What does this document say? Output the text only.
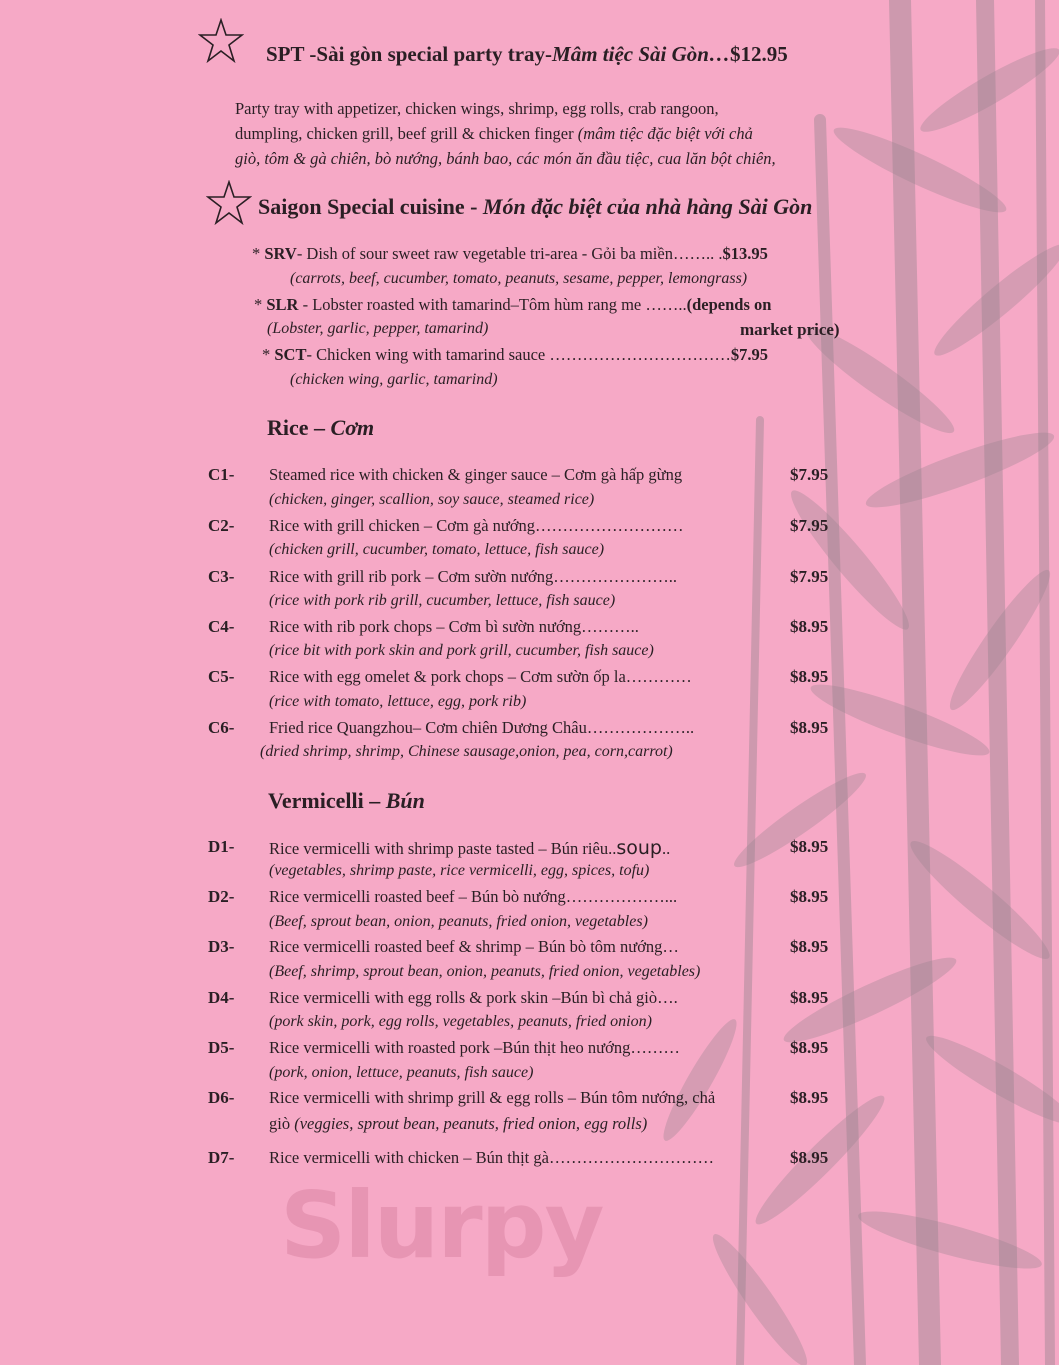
Slurpy
SPT -Sài gòn special party tray-Mâm tiệc Sài Gòn…$12.95
Party tray with appetizer, chicken wings, shrimp, egg rolls, crab rangoon,
dumpling, chicken grill, beef grill & chicken finger (mâm tiệc đặc biệt với chả
giò, tôm & gà chiên, bò nướng, bánh bao, các món ăn đầu tiệc, cua lăn bột chiên,
Saigon Special cuisine - Món đặc biệt của nhà hàng Sài Gòn
* SRV- Dish of sour sweet raw vegetable tri-area - Gỏi ba miền…….. .$13.95
(carrots, beef, cucumber, tomato, peanuts, sesame, pepper, lemongrass)
* SLR - Lobster roasted with tamarind–Tôm hùm rang me ……..(depends on
(Lobster, garlic, pepper, tamarind)	market price)
* SCT- Chicken wing with tamarind sauce ……………………………$7.95
(chicken wing, garlic, tamarind)
Rice – Cơm
C1- Steamed rice with chicken & ginger sauce – Cơm gà hấp gừng	$7.95
(chicken, ginger, scallion, soy sauce, steamed rice)
C2- Rice with grill chicken – Cơm gà nướng………………………	$7.95
(chicken grill, cucumber, tomato, lettuce, fish sauce)
C3- Rice with grill rib pork – Cơm sườn nướng…………………..	$7.95
(rice with pork rib grill, cucumber, lettuce, fish sauce)
C4- Rice with rib pork chops – Cơm bì sườn nướng………..	$8.95
(rice bit with pork skin and pork grill, cucumber, fish sauce)
C5- Rice with egg omelet & pork chops – Cơm sườn ốp la…………	$8.95
(rice with tomato, lettuce, egg, pork rib)
C6- Fried rice Quangzhou– Cơm chiên Dương Châu………………..	$8.95
(dried shrimp, shrimp, Chinese sausage,onion, pea, corn,carrot)
Vermicelli – Bún
D1- Rice vermicelli with shrimp paste tasted – Bún riêu..soup..	$8.95
(vegetables, shrimp paste, rice vermicelli, egg, spices, tofu)
D2- Rice vermicelli roasted beef – Bún bò nướng………………...	$8.95
(Beef, sprout bean, onion, peanuts, fried onion, vegetables)
D3- Rice vermicelli roasted beef & shrimp – Bún bò tôm nướng…	$8.95
(Beef, shrimp, sprout bean, onion, peanuts, fried onion, vegetables)
D4- Rice vermicelli with egg rolls & pork skin –Bún bì chả giò….	$8.95
(pork skin, pork, egg rolls, vegetables, peanuts, fried onion)
D5- Rice vermicelli with roasted pork –Bún thịt heo nướng………	$8.95
(pork, onion, lettuce, peanuts, fish sauce)
D6- Rice vermicelli with shrimp grill & egg rolls – Bún tôm nướng, chả	$8.95
giò (veggies, sprout bean, peanuts, fried onion, egg rolls)
D7- Rice vermicelli with chicken – Bún thịt gà…………………………	$8.95
